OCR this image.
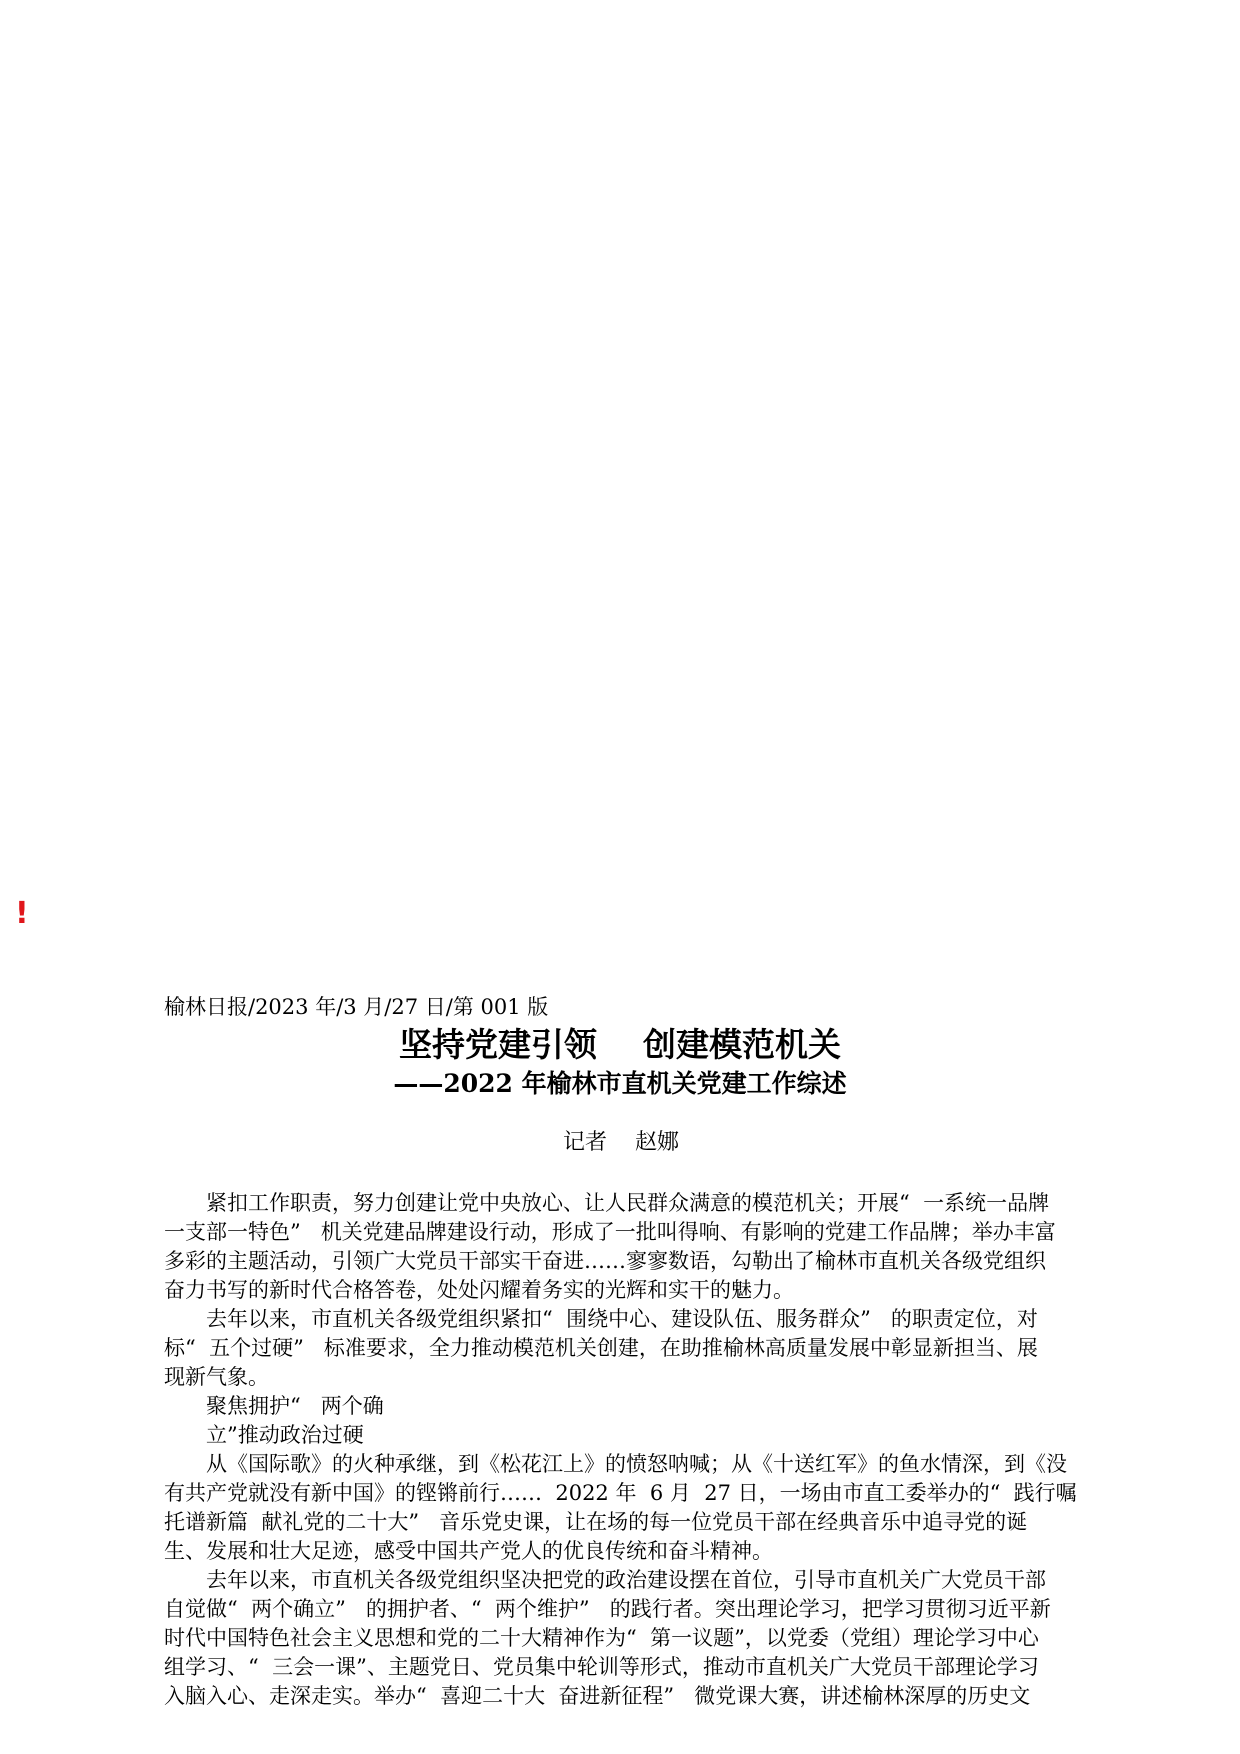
!
榆林日报/2023 年/3 月/27 日/第 001 版
坚持党建引领    创建模范机关
——2022 年榆林市直机关党建工作综述
记者    赵娜
紧扣工作职责，努力创建让党中央放心、让人民群众满意的模范机关；开展“  一系统一品牌
一支部一特色”   机关党建品牌建设行动，形成了一批叫得响、有影响的党建工作品牌；举办丰富
多彩的主题活动，引领广大党员干部实干奋进……寥寥数语，勾勒出了榆林市直机关各级党组织
奋力书写的新时代合格答卷，处处闪耀着务实的光辉和实干的魅力。
去年以来，市直机关各级党组织紧扣“  围绕中心、建设队伍、服务群众”   的职责定位，对
标“  五个过硬”   标准要求，全力推动模范机关创建，在助推榆林高质量发展中彰显新担当、展
现新气象。
聚焦拥护“   两个确
立”推动政治过硬
从《国际歌》的火种承继，到《松花江上》的愤怒呐喊；从《十送红军》的鱼水情深，到《没
有共产党就没有新中国》的铿锵前行……  2022 年  6 月  27 日，一场由市直工委举办的“  践行嘱
托谱新篇  献礼党的二十大”   音乐党史课，让在场的每一位党员干部在经典音乐中追寻党的诞
生、发展和壮大足迹，感受中国共产党人的优良传统和奋斗精神。
去年以来，市直机关各级党组织坚决把党的政治建设摆在首位，引导市直机关广大党员干部
自觉做“  两个确立”   的拥护者、“  两个维护”   的践行者。突出理论学习，把学习贯彻习近平新
时代中国特色社会主义思想和党的二十大精神作为“  第一议题”，以党委（党组）理论学习中心
组学习、“  三会一课”、主题党日、党员集中轮训等形式，推动市直机关广大党员干部理论学习
入脑入心、走深走实。举办“  喜迎二十大  奋进新征程”   微党课大赛，讲述榆林深厚的历史文
